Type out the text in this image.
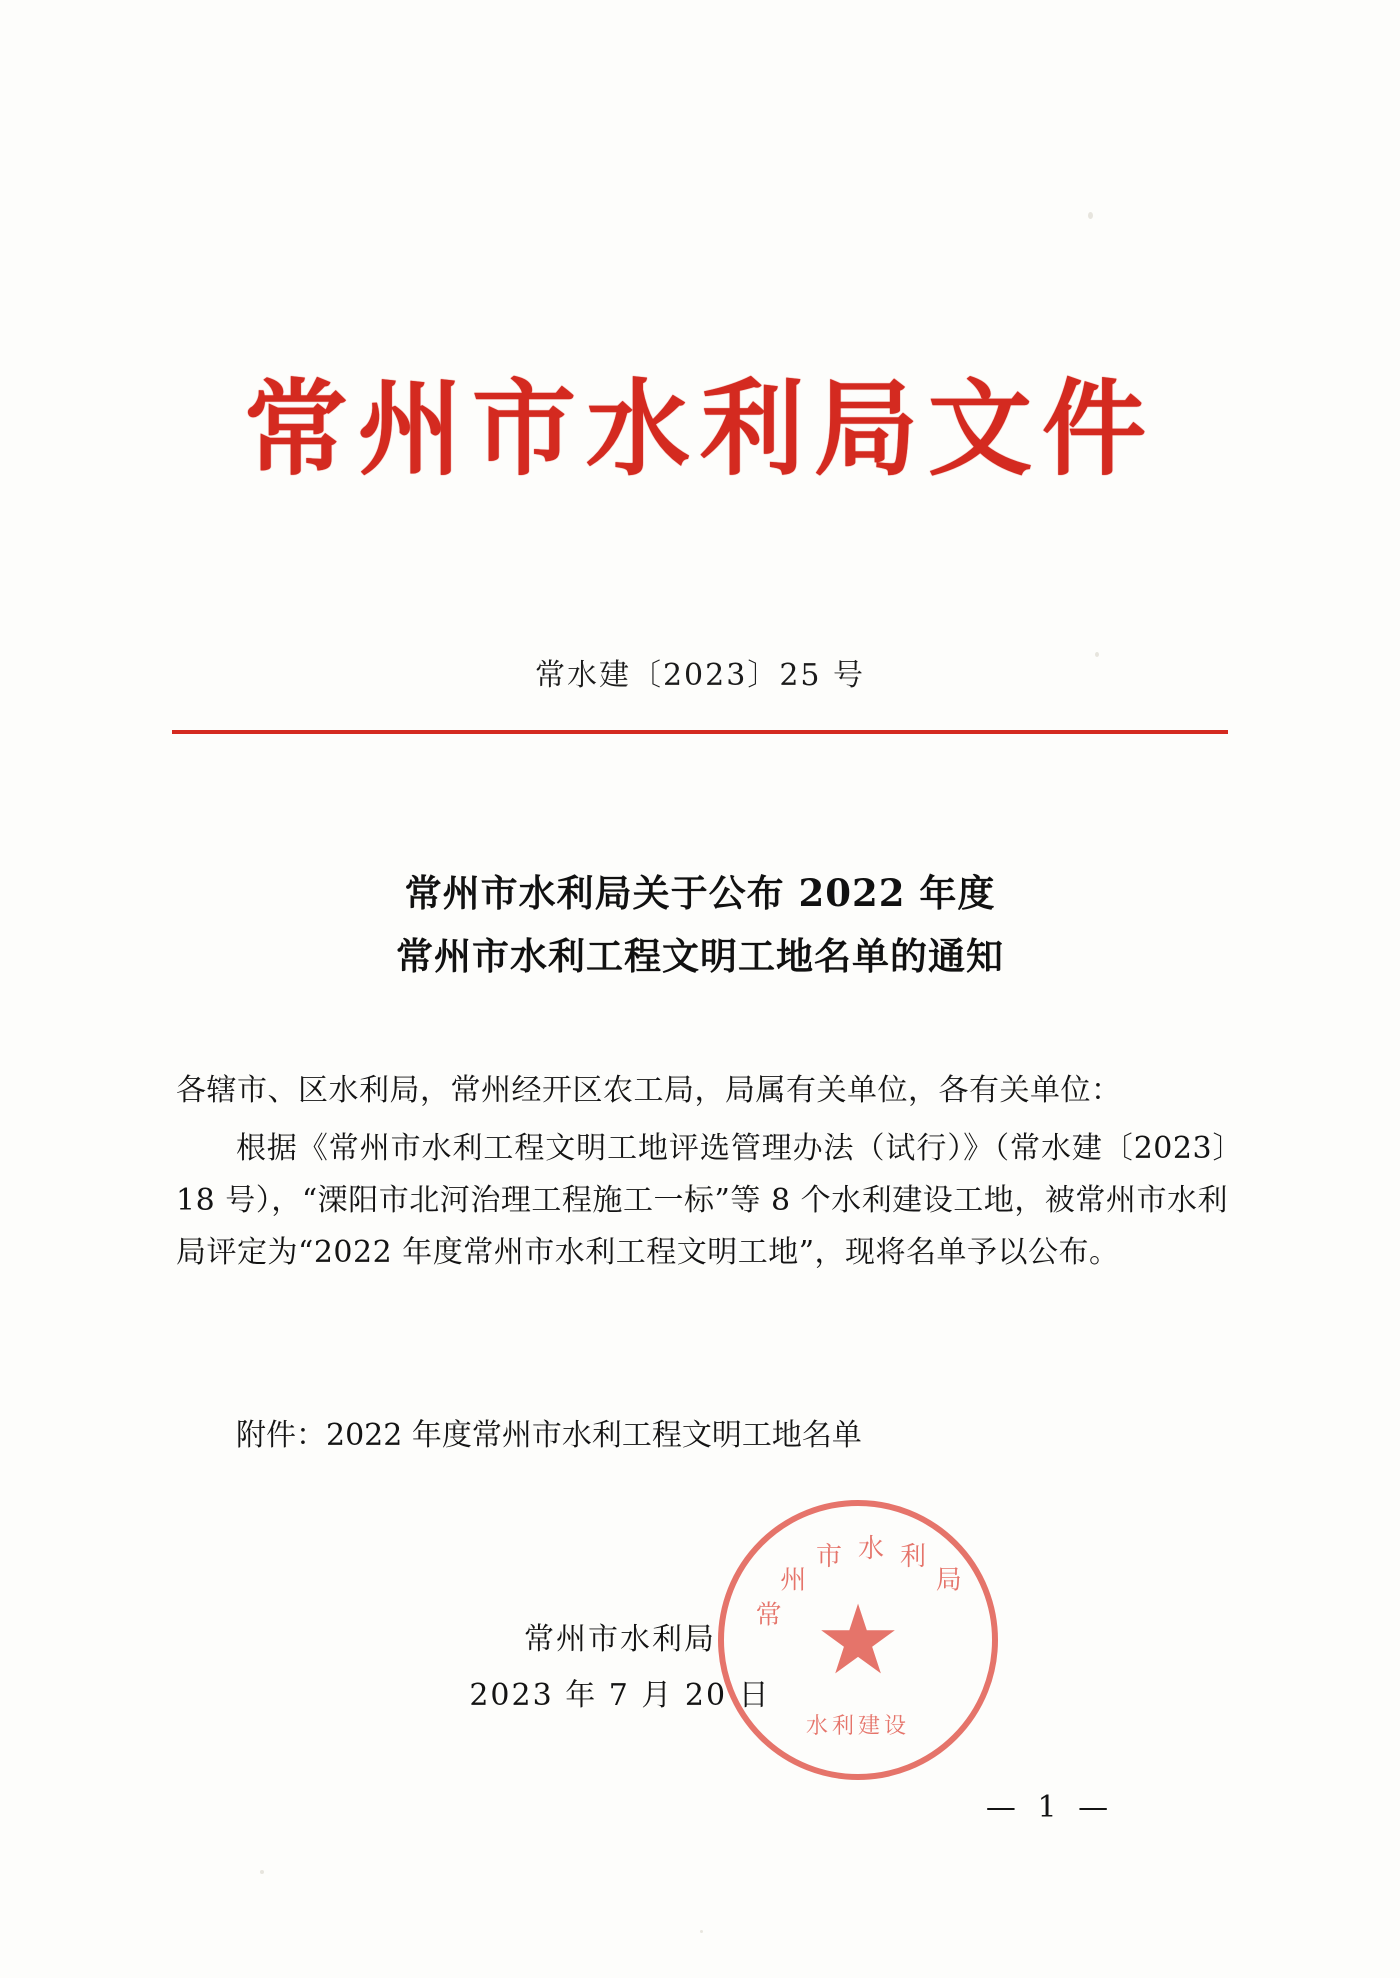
常州市水利局文件
常水建〔2023〕25 号
常州市水利局关于公布 2022 年度
常州市水利工程文明工地名单的通知

各辖市、区水利局，常州经开区农工局，局属有关单位，各有关单位：

根据《常州市水利工程文明工地评选管理办法（试行）》（常水建〔2023〕18 号），“溧阳市北河治理工程施工一标”等 8 个水利建设工地，被常州市水利局评定为“2022 年度常州市水利工程文明工地”，现将名单予以公布。

附件：2022 年度常州市水利工程文明工地名单
常
州
市 水 利
局
★
水利建设
常州市水利局
2023 年 7 月 20 日
— 1 —
